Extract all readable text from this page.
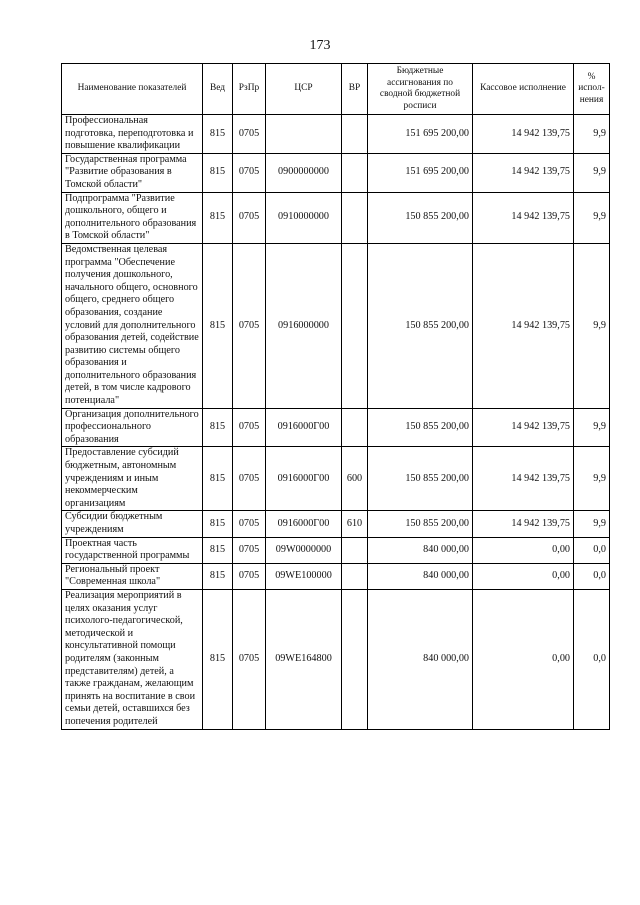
173
Наименование показателей	Вед	РзПр	ЦСР	ВР	Бюджетные ассигнования по сводной бюджетной росписи	Кассовое исполнение	% испол-нения
Профессиональная подготовка, переподготовка и повышение квалификации	815	0705			151 695 200,00	14 942 139,75	9,9
Государственная программа "Развитие образования в Томской области"	815	0705	0900000000		151 695 200,00	14 942 139,75	9,9
Подпрограмма "Развитие дошкольного, общего и дополнительного образования в Томской области"	815	0705	0910000000		150 855 200,00	14 942 139,75	9,9
Ведомственная целевая программа "Обеспечение получения дошкольного, начального общего, основного общего, среднего общего образования, создание условий для дополнительного образования детей, содействие развитию системы общего образования и дополнительного образования детей, в том числе кадрового потенциала"	815	0705	0916000000		150 855 200,00	14 942 139,75	9,9
Организация дополнительного профессионального образования	815	0705	0916000Г00		150 855 200,00	14 942 139,75	9,9
Предоставление субсидий бюджетным, автономным учреждениям и иным некоммерческим организациям	815	0705	0916000Г00	600	150 855 200,00	14 942 139,75	9,9
Субсидии бюджетным учреждениям	815	0705	0916000Г00	610	150 855 200,00	14 942 139,75	9,9
Проектная часть государственной программы	815	0705	09W0000000		840 000,00	0,00	0,0
Региональный проект "Современная школа"	815	0705	09WE100000		840 000,00	0,00	0,0
Реализация мероприятий в целях оказания услуг психолого-педагогической, методической и консультативной помощи родителям (законным представителям) детей, а также гражданам, желающим принять на воспитание в свои семьи детей, оставшихся без попечения родителей	815	0705	09WE164800		840 000,00	0,00	0,0
